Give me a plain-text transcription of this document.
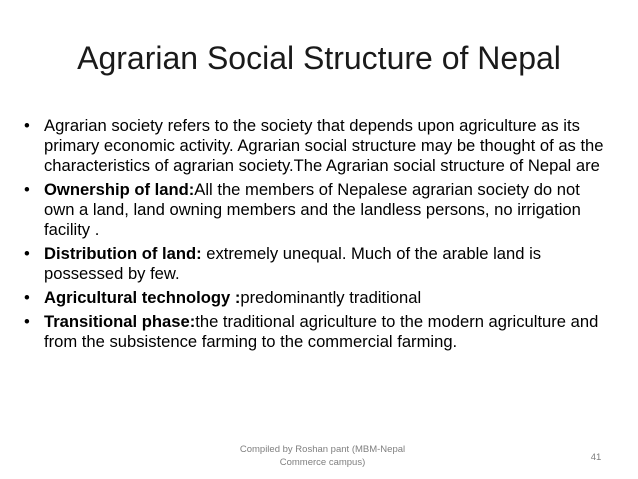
Agrarian Social Structure of Nepal
• Agrarian society refers to the society that depends upon agriculture as its primary economic activity. Agrarian social structure may be thought of as the characteristics of agrarian society.The Agrarian social structure of Nepal are
• Ownership of land:All the members of Nepalese agrarian society do not own a land, land owning members and the landless persons, no irrigation facility .
• Distribution of land: extremely unequal. Much of the arable land is possessed by few.
• Agricultural technology :predominantly traditional
• Transitional phase:the traditional agriculture to the modern agriculture and from the subsistence farming to the commercial farming.
Compiled by Roshan pant (MBM-Nepal Commerce campus)	41
